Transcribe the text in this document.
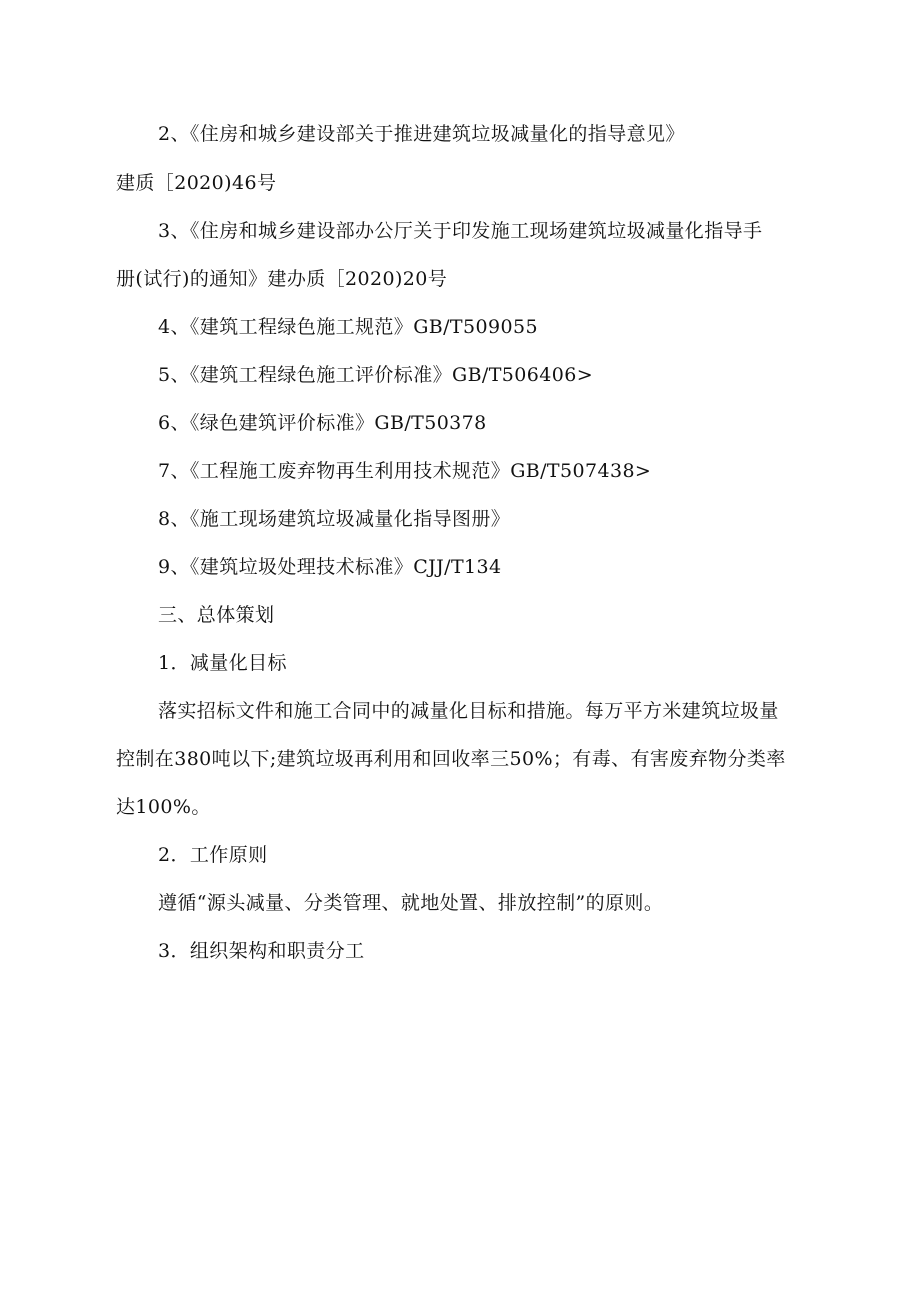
2、《住房和城乡建设部关于推进建筑垃圾减量化的指导意见》
建质［2020)46号
3、《住房和城乡建设部办公厅关于印发施工现场建筑垃圾减量化指导手
册(试行)的通知》建办质［2020)20号
4、《建筑工程绿色施工规范》GB/T509055
5、《建筑工程绿色施工评价标准》GB/T506406>
6、《绿色建筑评价标准》GB/T50378
7、《工程施工废弃物再生利用技术规范》GB/T507438>
8、《施工现场建筑垃圾减量化指导图册》
9、《建筑垃圾处理技术标准》CJJ/T134
三、总体策划
1．减量化目标
落实招标文件和施工合同中的减量化目标和措施。每万平方米建筑垃圾量
控制在380吨以下;建筑垃圾再利用和回收率三50%；有毒、有害废弃物分类率
达100%。
2．工作原则
遵循“源头减量、分类管理、就地处置、排放控制”的原则。
3．组织架构和职责分工
